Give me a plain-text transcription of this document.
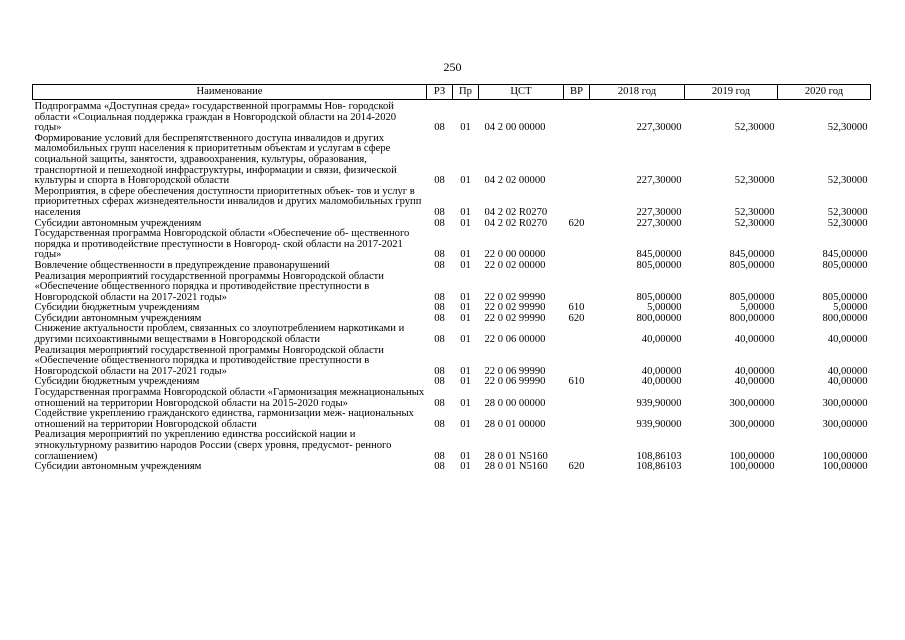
250
Наименование	РЗ	Пр	ЦСТ	ВР	2018 год	2019 год	2020 год
Подпрограмма «Доступная среда» государственной программы Нов- городской области «Социальная поддержка граждан в Новгородской области на 2014-2020 годы»	08	01	04 2 00 00000		227,30000	52,30000	52,30000
Формирование условий для беспрепятственного доступа инвалидов и других маломобильных групп населения к приоритетным объектам и услугам в сфере социальной защиты, занятости, здравоохранения, культуры, образования, транспортной и пешеходной инфраструктуры, информации и связи, физической культуры и спорта в Новгородской области	08	01	04 2 02 00000		227,30000	52,30000	52,30000
Мероприятия, в сфере обеспечения доступности приоритетных объек- тов и услуг в приоритетных сферах жизнедеятельности инвалидов и других маломобильных групп населения	08	01	04 2 02 R0270		227,30000	52,30000	52,30000
Субсидии автономным учреждениям	08	01	04 2 02 R0270	620	227,30000	52,30000	52,30000
Государственная программа Новгородской области «Обеспечение об- щественного порядка и противодействие преступности в Новгород- ской области на 2017-2021 годы»	08	01	22 0 00 00000		845,00000	845,00000	845,00000
Вовлечение общественности в предупреждение правонарушений	08	01	22 0 02 00000		805,00000	805,00000	805,00000
Реализация мероприятий государственной программы Новгородской области «Обеспечение общественного порядка и противодействие преступности в Новгородской области на 2017-2021 годы»	08	01	22 0 02 99990		805,00000	805,00000	805,00000
Субсидии бюджетным учреждениям	08	01	22 0 02 99990	610	5,00000	5,00000	5,00000
Субсидии автономным учреждениям	08	01	22 0 02 99990	620	800,00000	800,00000	800,00000
Снижение актуальности проблем, связанных со злоупотреблением наркотиками и другими психоактивными веществами в Новгородской области	08	01	22 0 06 00000		40,00000	40,00000	40,00000
Реализация мероприятий государственной программы Новгородской области «Обеспечение общественного порядка и противодействие преступности в Новгородской области на 2017-2021 годы»	08	01	22 0 06 99990		40,00000	40,00000	40,00000
Субсидии бюджетным учреждениям	08	01	22 0 06 99990	610	40,00000	40,00000	40,00000
Государственная программа Новгородской области «Гармонизация межнациональных отношений на территории Новгородской области на 2015-2020 годы»	08	01	28 0 00 00000		939,90000	300,00000	300,00000
Содействие укреплению гражданского единства, гармонизации меж- национальных отношений на территории Новгородской области	08	01	28 0 01 00000		939,90000	300,00000	300,00000
Реализация мероприятий по укреплению единства российской нации и этнокультурному развитию народов России (сверх уровня, предусмот- ренного соглашением)	08	01	28 0 01 N5160		108,86103	100,00000	100,00000
Субсидии автономным учреждениям	08	01	28 0 01 N5160	620	108,86103	100,00000	100,00000
